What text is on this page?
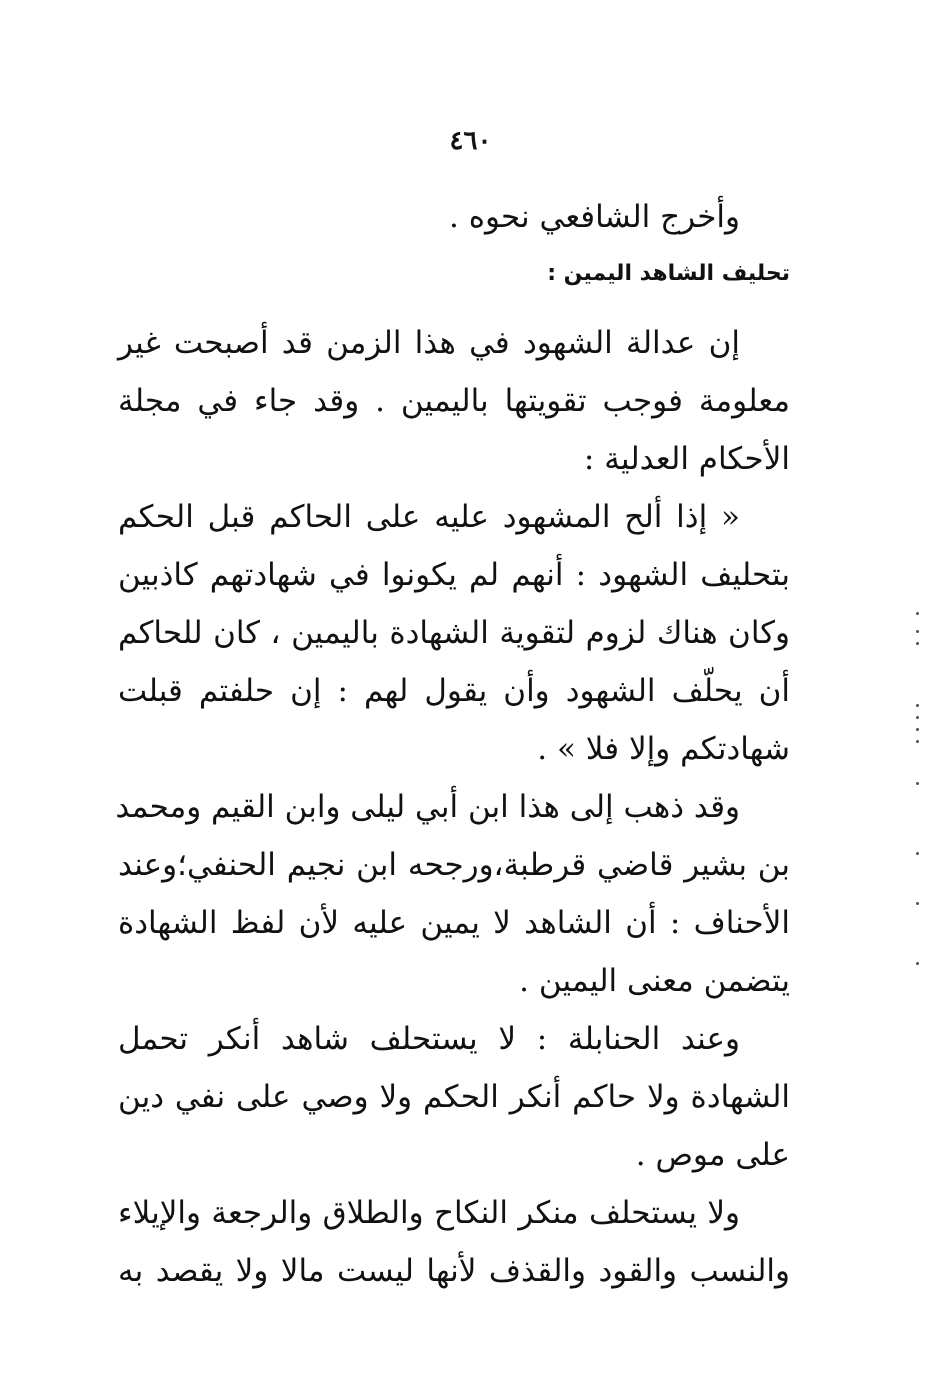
٤٦٠
وأخرج الشافعي نحوه .
تحليف الشاهد اليمين :
إن عدالة الشهود في هذا الزمن قد أصبحت غير
معلومة فوجب تقويتها باليمين . وقد جاء في مجلة
الأحكام العدلية :
« إذا ألح المشهود عليه على الحاكم قبل الحكم
بتحليف الشهود : أنهم لم يكونوا في شهادتهم كاذبين
وكان هناك لزوم لتقوية الشهادة باليمين ، كان للحاكم
أن يحلّف الشهود وأن يقول لهم : إن حلفتم قبلت
شهادتكم وإلا فلا » .
وقد ذهب إلى هذا ابن أبي ليلى وابن القيم ومحمد
بن بشير قاضي قرطبة،ورجحه ابن نجيم الحنفي؛وعند
الأحناف : أن الشاهد لا يمين عليه لأن لفظ الشهادة
يتضمن معنى اليمين .
وعند الحنابلة : لا يستحلف شاهد أنكر تحمل
الشهادة ولا حاكم أنكر الحكم ولا وصي على نفي دين
على موص .
ولا يستحلف منكر النكاح والطلاق والرجعة والإيلاء
والنسب والقود والقذف لأنها ليست مالا ولا يقصد به
